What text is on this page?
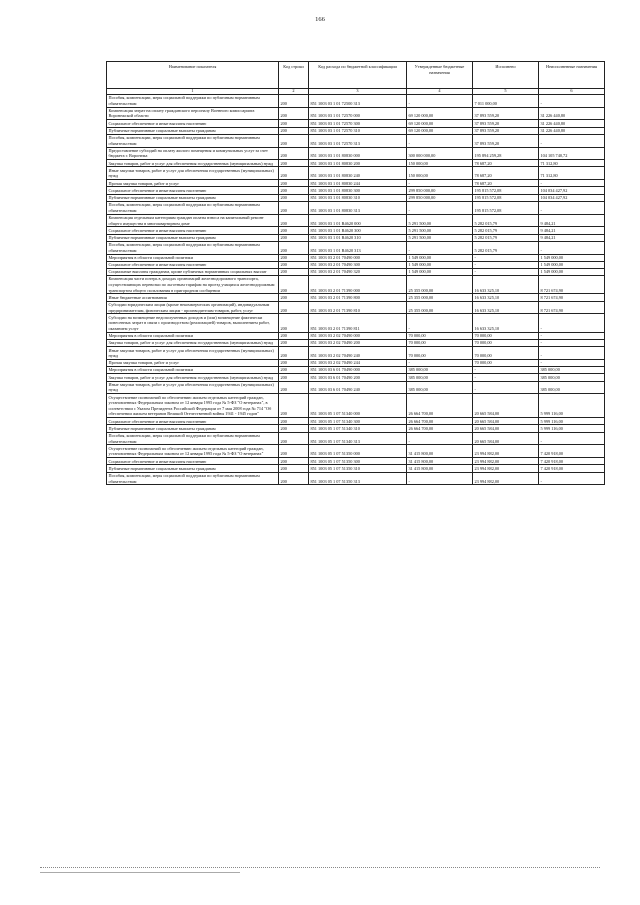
166
Наименование показателя	Код строки	Код расхода по бюджетной классификации	Утвержденные бюджетные назначения	Исполнено	Неисполненные назначения
1	2	3	4	5	6
Пособия, компенсации, меры социальной поддержки по публичным нормативным обязательствам	200	851 1003 03 1 01 72500 313	-	7 011 000,00	-
Компенсация затрат на оплату гражданского персоналу Военного комиссариата Воронежской области	200	851 1003 03 1 01 72570 000	69 120 000,00	37 893 559,20	31 226 440,80
Социальное обеспечение и иные выплаты населению	200	851 1003 03 1 01 72570 300	69 120 000,00	37 893 559,20	31 226 440,80
Публичные нормативные социальные выплаты гражданам	200	851 1003 03 1 01 72570 310	69 120 000,00	37 893 559,20	31 226 440,80
Пособия, компенсации, меры социальной поддержки по публичным нормативным обязательствам	200	851 1003 03 1 01 72570 313	-	37 893 559,20	-
Предоставление субсидий на оплату жилого помещения и коммунальных услуг за счет бюджета г. Воронежа	200	851 1003 03 1 01 80830 000	300 000 000,00	195 894 259,28	104 105 740,72
Закупка товаров, работ и услуг для обеспечения государственных (муниципальных) нужд	200	851 1003 03 1 01 80830 200	150 000,00	78 687,20	71 312,80
Иные закупки товаров, работ и услуг для обеспечения государственных (муниципальных) нужд	200	851 1003 03 1 01 80830 240	150 000,00	78 687,20	71 312,80
Прочая закупка товаров, работ и услуг	200	851 1003 03 1 01 80830 244	-	78 687,20	-
Социальное обеспечение и иные выплаты населению	200	851 1003 03 1 01 80830 300	299 850 000,00	195 815 572,08	104 034 427,92
Публичные нормативные социальные выплаты гражданам	200	851 1003 03 1 01 80830 310	299 850 000,00	195 815 572,08	104 034 427,92
Пособия, компенсации, меры социальной поддержки по публичным нормативным обязательствам	200	851 1003 03 1 01 80830 313	-	195 815 572,08	-
Компенсация отдельным категориям граждан оплаты взноса на капитальный ремонт общего имущества в многоквартирном доме	200	851 1003 03 1 01 R4620 000	5 291 500,00	5 282 015,79	9 484,21
Социальное обеспечение и иные выплаты населению	200	851 1003 03 1 01 R4620 300	5 291 500,00	5 282 015,79	9 484,21
Публичные нормативные социальные выплаты гражданам	200	851 1003 03 1 01 R4620 310	5 291 500,00	5 282 015,79	9 484,21
Пособия, компенсации, меры социальной поддержки по публичным нормативным обязательствам	200	851 1003 03 1 01 R4620 313	-	5 282 015,79	-
Мероприятия в области социальной политики	200	851 1003 03 2 01 70490 000	1 549 000,00	-	1 549 000,00
Социальное обеспечение и иные выплаты населению	200	851 1003 03 2 01 70490 300	1 549 000,00	-	1 549 000,00
Социальные выплаты гражданам, кроме публичных нормативных социальных выплат	200	851 1003 03 2 01 70490 320	1 549 000,00	-	1 549 000,00
Компенсация части потерь в доходах организаций железнодорожного транспорта, осуществляющих перевозки по льготным тарифам на проезд учащихся железнодорожным транспортом общего пользования в пригородном сообщении	200	851 1003 03 2 01 71390 000	25 355 000,00	16 633 325,10	8 721 674,90
Иные бюджетные ассигнования	200	851 1003 03 2 01 71390 800	25 355 000,00	16 633 325,10	8 721 674,90
Субсидии юридическим лицам (кроме некоммерческих организаций), индивидуальным предпринимателям, физическим лицам - производителям товаров, работ, услуг	200	851 1003 03 2 01 71390 810	25 355 000,00	16 633 325,10	8 721 674,90
Субсидии на возмещение недополученных доходов и (или) возмещение фактически понесенных затрат в связи с производством (реализацией) товаров, выполнением работ, оказанием услуг	200	851 1003 03 2 01 71390 811	-	16 633 325,10	-
Мероприятия в области социальной политики	200	851 1003 03 2 02 70490 000	70 000,00	70 000,00	-
Закупка товаров, работ и услуг для обеспечения государственных (муниципальных) нужд	200	851 1003 03 2 02 70490 200	70 000,00	70 000,00	-
Иные закупки товаров, работ и услуг для обеспечения государственных (муниципальных) нужд	200	851 1003 03 2 02 70490 240	70 000,00	70 000,00	-
Прочая закупка товаров, работ и услуг	200	851 1003 03 2 02 70490 244	-	70 000,00	-
Мероприятия в области социальной политики	200	851 1003 03 6 01 70490 000	385 000,00	-	385 000,00
Закупка товаров, работ и услуг для обеспечения государственных (муниципальных) нужд	200	851 1003 03 6 01 70490 200	385 000,00	-	385 000,00
Иные закупки товаров, работ и услуг для обеспечения государственных (муниципальных) нужд	200	851 1003 03 6 01 70490 240	385 000,00	-	385 000,00
Осуществление полномочий по обеспечению жильем отдельных категорий граждан, установленных Федеральным законом от 12 января 1995 года № 5-ФЗ "О ветеранах", в соответствии с Указом Президента Российской Федерации от 7 мая 2008 года № 714 "Об обеспечении жильем ветеранов Великой Отечественной войны 1941 - 1945 годов"	200	851 1003 05 1 07 51340 000	26 664 700,00	20 665 584,00	5 999 116,00
Социальное обеспечение и иные выплаты населению	200	851 1003 05 1 07 51340 300	26 664 700,00	20 665 584,00	5 999 116,00
Публичные нормативные социальные выплаты гражданам	200	851 1003 05 1 07 51340 310	26 664 700,00	20 665 584,00	5 999 116,00
Пособия, компенсации, меры социальной поддержки по публичным нормативным обязательствам	200	851 1003 05 1 07 51340 313	-	20 665 584,00	-
Осуществление полномочий по обеспечению жильем отдельных категорий граждан, установленных Федеральным законом от 12 января 1995 года № 5-ФЗ "О ветеранах"	200	851 1003 05 1 07 51350 000	31 415 800,00	23 994 882,00	7 420 918,00
Социальное обеспечение и иные выплаты населению	200	851 1003 05 1 07 51350 300	31 415 800,00	23 994 882,00	7 420 918,00
Публичные нормативные социальные выплаты гражданам	200	851 1003 05 1 07 51350 310	31 415 800,00	23 994 882,00	7 420 918,00
Пособия, компенсации, меры социальной поддержки по публичным нормативным обязательствам	200	851 1003 05 1 07 51350 313	-	23 994 882,00	-
